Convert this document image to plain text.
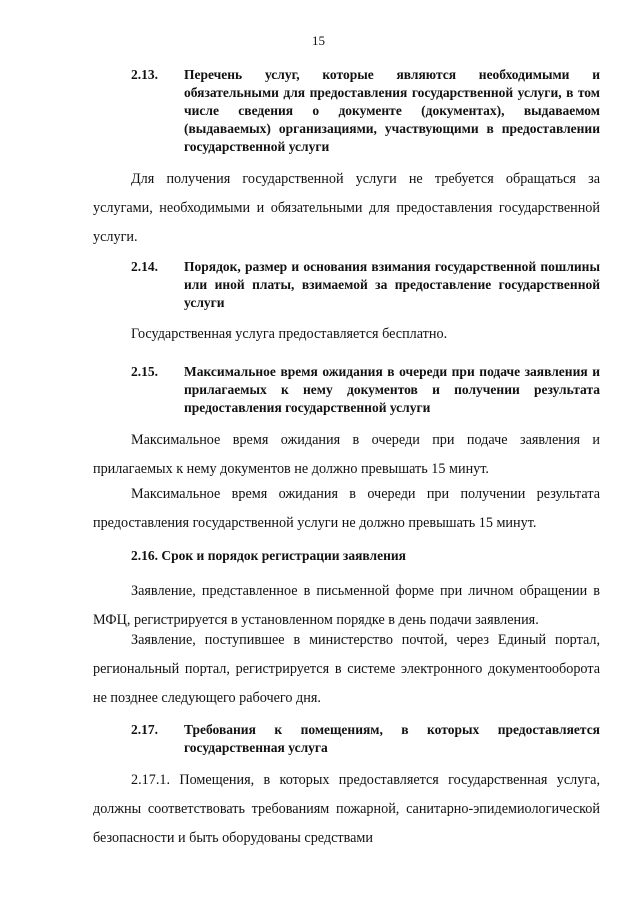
15
2.13.	Перечень услуг, которые являются необходимыми и обязательными для предоставления государственной услуги, в том числе сведения о документе (документах), выдаваемом (выдаваемых) организациями, участвующими в предоставлении государственной услуги
Для получения государственной услуги не требуется обращаться за услугами, необходимыми и обязательными для предоставления государственной услуги.
2.14.	Порядок, размер и основания взимания государственной пошлины или иной платы, взимаемой за предоставление государственной услуги
Государственная услуга предоставляется бесплатно.
2.15.	Максимальное время ожидания в очереди при подаче заявления и прилагаемых к нему документов и получении результата предоставления государственной услуги
Максимальное время ожидания в очереди при подаче заявления и прилагаемых к нему документов не должно превышать 15 минут.
Максимальное время ожидания в очереди при получении результата предоставления государственной услуги не должно превышать 15 минут.
2.16. Срок и порядок регистрации заявления
Заявление, представленное в письменной форме при личном обращении в МФЦ, регистрируется в установленном порядке в день подачи заявления.
Заявление, поступившее в министерство почтой, через Единый портал, региональный портал, регистрируется в системе электронного документооборота не позднее следующего рабочего дня.
2.17.	Требования к помещениям, в которых предоставляется государственная услуга
2.17.1. Помещения, в которых предоставляется государственная услуга, должны соответствовать требованиям пожарной, санитарно-эпидемиологической безопасности и быть оборудованы средствами
